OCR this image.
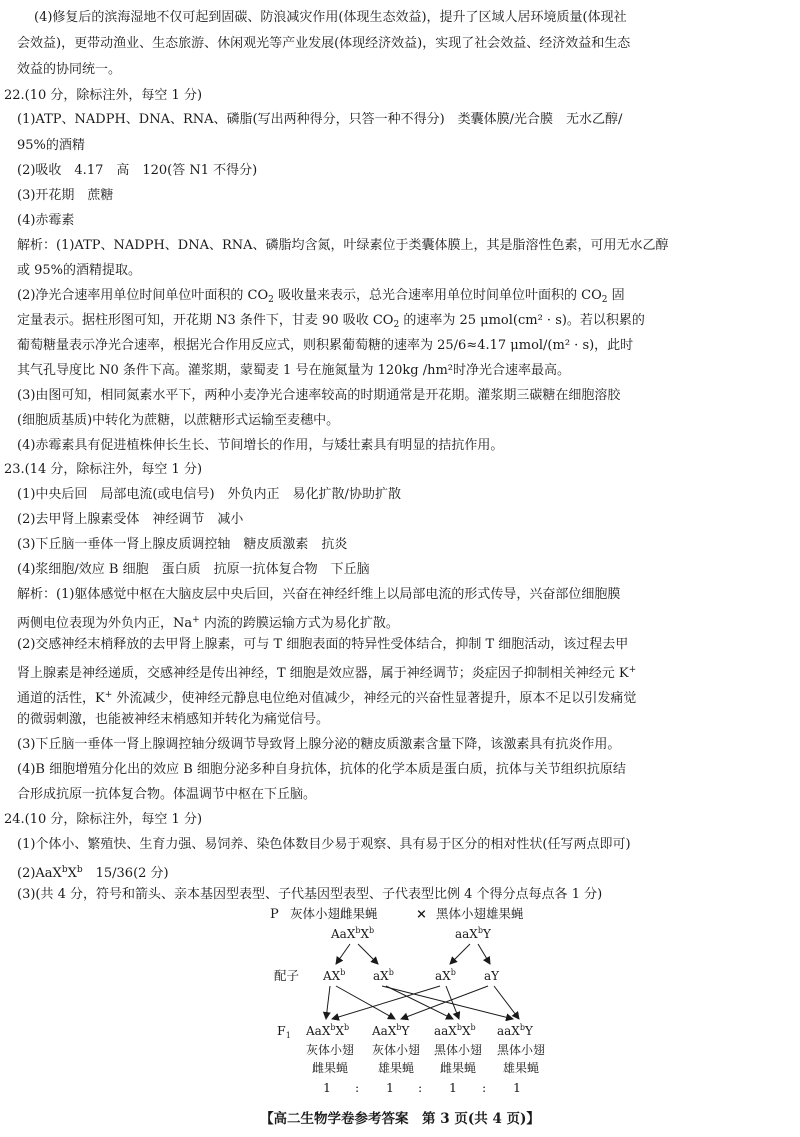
(4)修复后的滨海湿地不仅可起到固碳、防浪减灾作用(体现生态效益)，提升了区域人居环境质量(体现社
会效益)，更带动渔业、生态旅游、休闲观光等产业发展(体现经济效益)，实现了社会效益、经济效益和生态
效益的协同统一。
22.(10 分，除标注外，每空 1 分)
(1)ATP、NADPH、DNA、RNA、磷脂(写出两种得分，只答一种不得分)　类囊体膜/光合膜　无水乙醇/
95%的酒精
(2)吸收　4.17　高　120(答 N1 不得分)
(3)开花期　蔗糖
(4)赤霉素
解析：(1)ATP、NADPH、DNA、RNA、磷脂均含氮，叶绿素位于类囊体膜上，其是脂溶性色素，可用无水乙醇
或 95%的酒精提取。
(2)净光合速率用单位时间单位叶面积的 $CO_2$ 吸收量来表示，总光合速率用单位时间单位叶面积的 $CO_2$ 固
定量表示。据柱形图可知，开花期 N3 条件下，甘麦 90 吸收 $CO_2$ 的速率为 25 μmol(cm² · s)。若以积累的
葡萄糖量表示净光合速率，根据光合作用反应式，则积累葡萄糖的速率为 25/6≈4.17 μmol/(m² · s)，此时
其气孔导度比 N0 条件下高。灌浆期，蒙蜀麦 1 号在施氮量为 120kg /hm²时净光合速率最高。
(3)由图可知，相同氮素水平下，两种小麦净光合速率较高的时期通常是开花期。灌浆期三碳糖在细胞溶胶
(细胞质基质)中转化为蔗糖，以蔗糖形式运输至麦穗中。
(4)赤霉素具有促进植株伸长生长、节间增长的作用，与矮壮素具有明显的拮抗作用。
23.(14 分，除标注外，每空 1 分)
(1)中央后回　局部电流(或电信号)　外负内正　易化扩散/协助扩散
(2)去甲肾上腺素受体　神经调节　减小
(3)下丘脑一垂体一肾上腺皮质调控轴　糖皮质激素　抗炎
(4)浆细胞/效应 B 细胞　蛋白质　抗原一抗体复合物　下丘脑
解析：(1)躯体感觉中枢在大脑皮层中央后回，兴奋在神经纤维上以局部电流的形式传导，兴奋部位细胞膜
两侧电位表现为外负内正，Na+ 内流的跨膜运输方式为易化扩散。
(2)交感神经末梢释放的去甲肾上腺素，可与 T 细胞表面的特异性受体结合，抑制 T 细胞活动，该过程去甲
肾上腺素是神经递质，交感神经是传出神经，T 细胞是效应器，属于神经调节；炎症因子抑制相关神经元 K+
通道的活性，K+ 外流减少，使神经元静息电位绝对值减少，神经元的兴奋性显著提升，原本不足以引发痛觉
的微弱刺激，也能被神经末梢感知并转化为痛觉信号。
(3)下丘脑一垂体一肾上腺调控轴分级调节导致肾上腺分泌的糖皮质激素含量下降，该激素具有抗炎作用。
(4)B 细胞增殖分化出的效应 B 细胞分泌多种自身抗体，抗体的化学本质是蛋白质，抗体与关节组织抗原结
合形成抗原一抗体复合物。体温调节中枢在下丘脑。
24.(10 分，除标注外，每空 1 分)
(1)个体小、繁殖快、生育力强、易饲养、染色体数目少易于观察、具有易于区分的相对性状(任写两点即可)
$(2)AaX^bX^b$　15/36(2 分)
(3)(共 4 分，符号和箭头、亲本基因型表型、子代基因型表型、子代表型比例 4 个得分点每点各 1 分)
P 灰体小翅雌果蝇	× 黑体小翅雄果蝇
$AaX^bX^b$	aaX$^b$Y
配子 $AX^b$ $aX^b$	$aX^b$ aY
$F_1$ $AaX^bX^b$ AaX$^b$Y $aaX^bX^b$ aaX$^b$Y
灰体小翅 灰体小翅 黑体小翅 黑体小翅
雌果蝇 雄果蝇 雌果蝇 雄果蝇
1 : 1 : 1 : 1
【高二生物学卷参考答案　第 3 页(共 4 页)】
